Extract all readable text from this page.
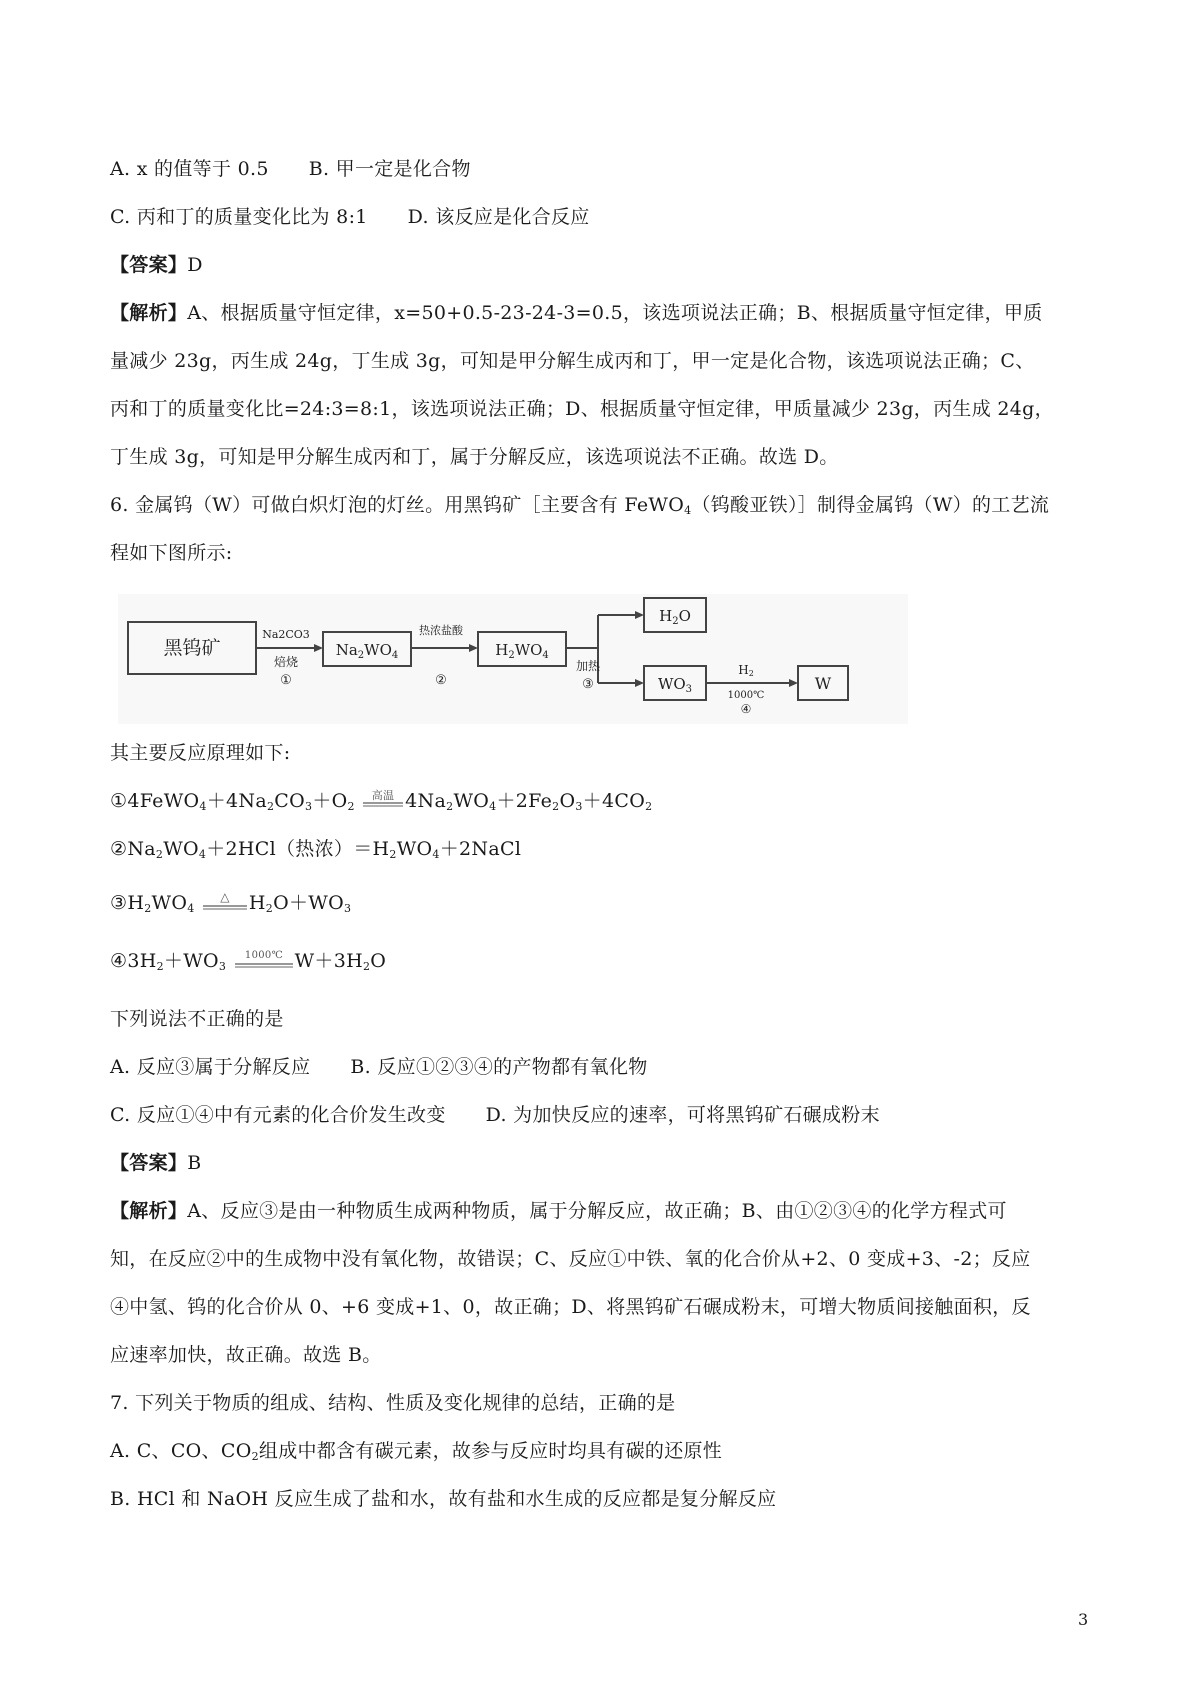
A. x 的值等于 0.5 B. 甲一定是化合物
C. 丙和丁的质量变化比为 8:1 D. 该反应是化合反应
【答案】D
【解析】A、根据质量守恒定律，x=50+0.5-23-24-3=0.5，该选项说法正确；B、根据质量守恒定律，甲质
量减少 23g，丙生成 24g，丁生成 3g，可知是甲分解生成丙和丁，甲一定是化合物，该选项说法正确；C、
丙和丁的质量变化比=24:3=8:1，该选项说法正确；D、根据质量守恒定律，甲质量减少 23g，丙生成 24g，
丁生成 3g，可知是甲分解生成丙和丁，属于分解反应，该选项说法不正确。故选 D。
6. 金属钨（W）可做白炽灯泡的灯丝。用黑钨矿［主要含有 FeWO$_4$（钨酸亚铁）］制得金属钨（W）的工艺流
程如下图所示:
黑钨矿	$Na_2WO_4$	$H_2WO_4$
$H_2O$
$WO_3$	W
Na2CO3
焙烧
①
热浓盐酸
②
加热
③
H2
1000℃
④
其主要反应原理如下:
$①4FeWO_4+4Na_2CO_3+O_2$
高温 $4Na_2WO_4+2Fe_2O_3+4CO_2$
$②Na_2WO_4+2HCl$（热浓）$=H_2WO_4+2NaCl$
$③H_2WO_4$
△ $H_2O+WO_3$
$④3H_2+WO_3$
1000℃ $W+3H_2O$
下列说法不正确的是
A. 反应③属于分解反应 B. 反应①②③④的产物都有氧化物
C. 反应①④中有元素的化合价发生改变 D. 为加快反应的速率，可将黑钨矿石碾成粉末
【答案】B
【解析】A、反应③是由一种物质生成两种物质，属于分解反应，故正确；B、由①②③④的化学方程式可
知，在反应②中的生成物中没有氧化物，故错误；C、反应①中铁、氧的化合价从+2、0 变成+3、-2；反应
④中氢、钨的化合价从 0、+6 变成+1、0，故正确；D、将黑钨矿石碾成粉末，可增大物质间接触面积，反
应速率加快，故正确。故选 B。
7. 下列关于物质的组成、结构、性质及变化规律的总结，正确的是
A. C、CO、$CO_2$组成中都含有碳元素，故参与反应时均具有碳的还原性
B. HCl 和 NaOH 反应生成了盐和水，故有盐和水生成的反应都是复分解反应
3
